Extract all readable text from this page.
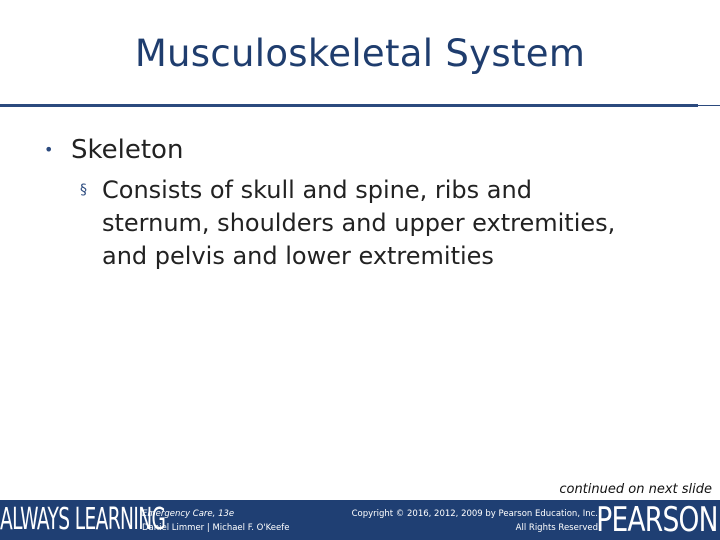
Musculoskeletal System
• Skeleton
§ Consists of skull and spine, ribs and sternum, shoulders and upper extremities, and pelvis and lower extremities
continued on next slide
ALWAYS LEARNING
Emergency Care, 13e
Daniel Limmer | Michael F. O'Keefe
Copyright © 2016, 2012, 2009 by Pearson Education, Inc.
All Rights Reserved
PEARSON
